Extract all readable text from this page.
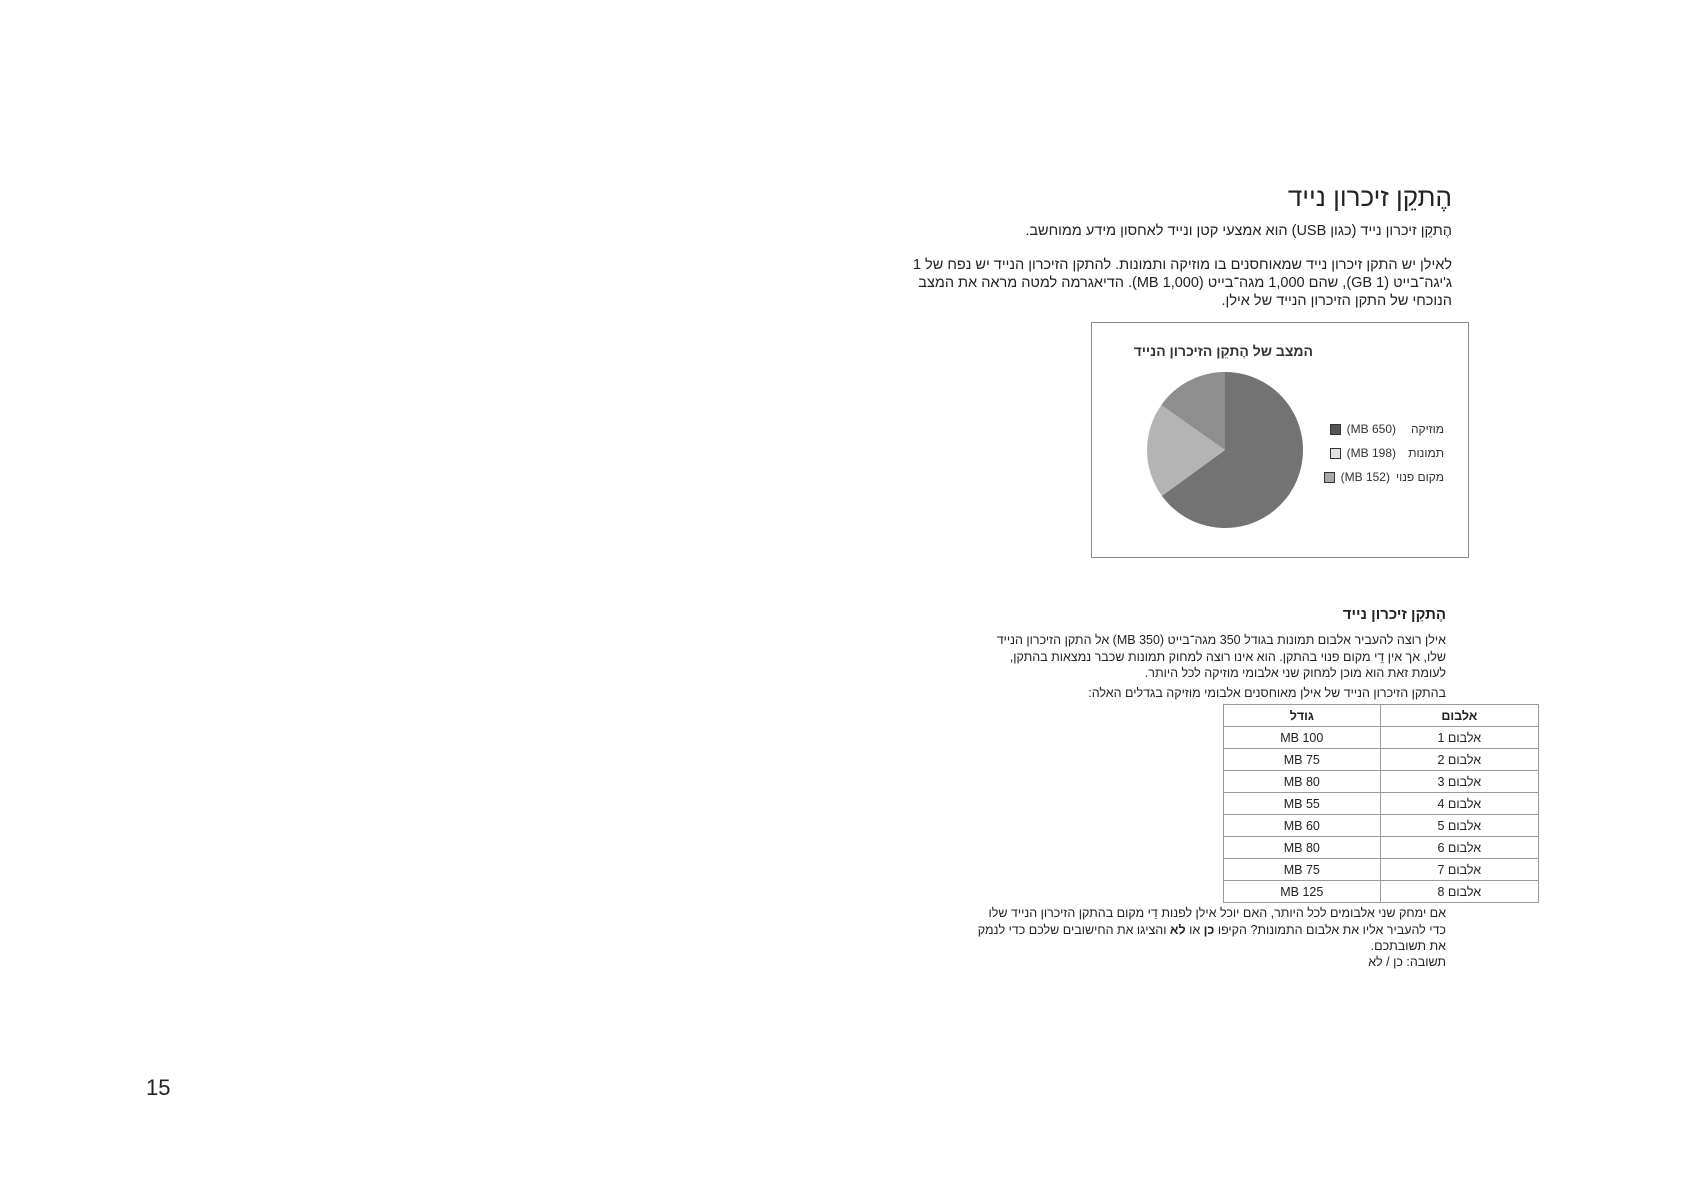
הֶתקֵן זיכרון נייד

הֶתקֵן זיכרון נייד (כגון USB) הוא אמצעי קטן ונייד לאחסון מידע ממוחשב.

לאילן יש התקן זיכרון נייד שמאוחסנים בו מוזיקה ותמונות. להתקן הזיכרון הנייד יש נפח של 1 ג'יגה־בייט (1 GB), שהם 1,000 מגה־בייט (1,000 MB). הדיאגרמה למטה מראה את המצב הנוכחי של התקן הזיכרון הנייד של אילן.

המצב של הֶתקֵן הזיכרון הנייד
מוזיקה
(650 MB)
תמונות
(198 MB)
מקום פנוי
(152 MB)
הֶתקֵן זיכרון נייד

אילן רוצה להעביר אלבום תמונות בגודל 350 מגה־בייט (350 MB) אל התקן הזיכרון הנייד שלו, אך אין דֵי מקום פנוי בהתקן. הוא אינו רוצה למחוק תמונות שכבר נמצאות בהתקן, לעומת זאת הוא מוכן למחוק שני אלבומי מוזיקה לכל היותר.

בהתקן הזיכרון הנייד של אילן מאוחסנים אלבומי מוזיקה בגדלים האלה:

אלבום	גודל
אלבום 1	100 MB
אלבום 2	75 MB
אלבום 3	80 MB
אלבום 4	55 MB
אלבום 5	60 MB
אלבום 6	80 MB
אלבום 7	75 MB
אלבום 8	125 MB

אם ימחק שני אלבומים לכל היותר, האם יוכל אילן לפנות דֵי מקום בהתקן הזיכרון הנייד שלו כדי להעביר אליו את אלבום התמונות? הקיפו כן או לא והציגו את החישובים שלכם כדי לנמק את תשובתכם.

תשובה: כן / לא

15
